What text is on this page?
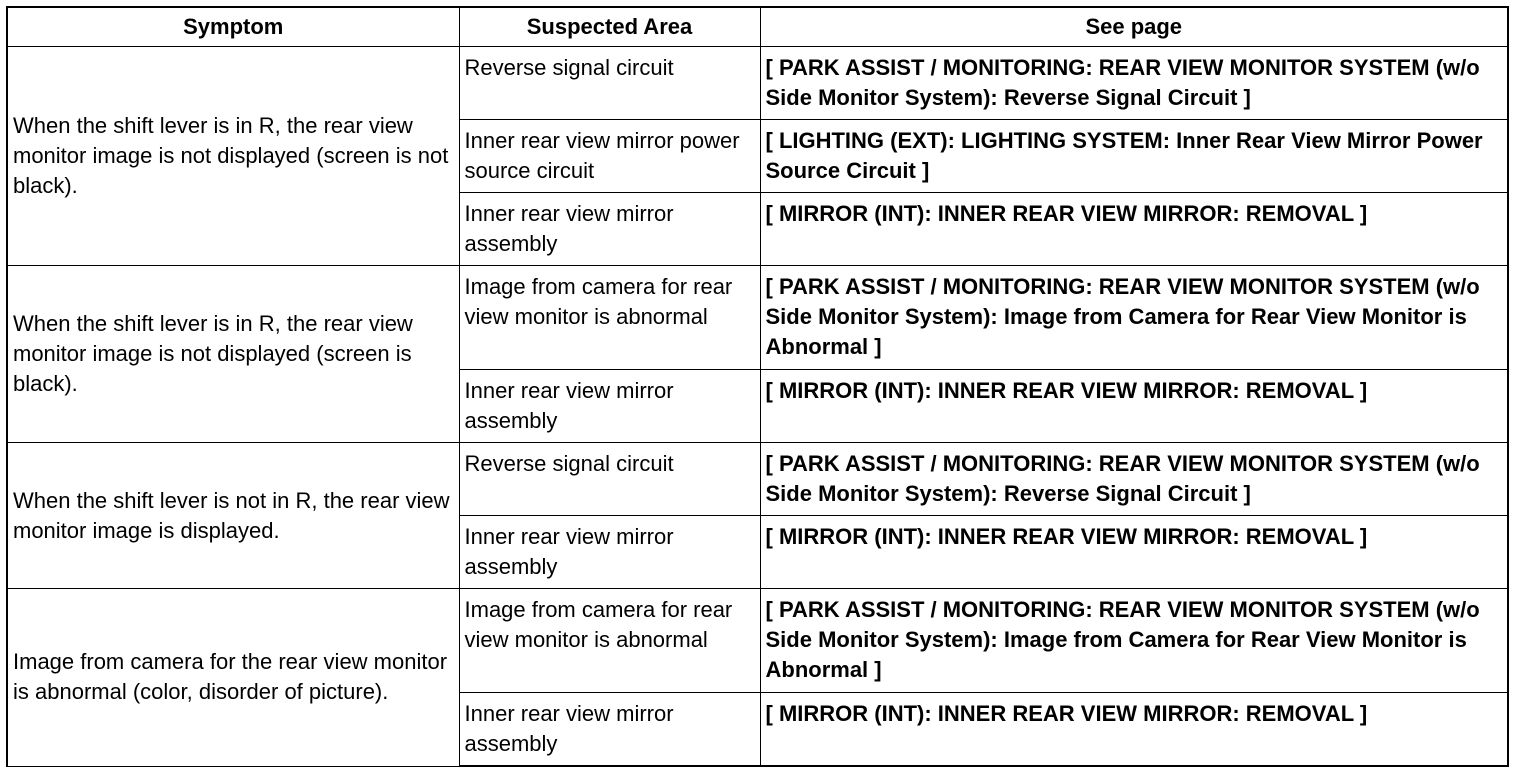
Symptom	Suspected Area	See page
When the shift lever is in R, the rear view monitor image is not displayed (screen is not black).	Reverse signal circuit	[ PARK ASSIST / MONITORING: REAR VIEW MONITOR SYSTEM (w/o Side Monitor System): Reverse Signal Circuit ]
	Inner rear view mirror power source circuit	[ LIGHTING (EXT): LIGHTING SYSTEM: Inner Rear View Mirror Power Source Circuit ]
	Inner rear view mirror assembly	[ MIRROR (INT): INNER REAR VIEW MIRROR: REMOVAL ]
When the shift lever is in R, the rear view monitor image is not displayed (screen is black).	Image from camera for rear view monitor is abnormal	[ PARK ASSIST / MONITORING: REAR VIEW MONITOR SYSTEM (w/o Side Monitor System): Image from Camera for Rear View Monitor is Abnormal ]
	Inner rear view mirror assembly	[ MIRROR (INT): INNER REAR VIEW MIRROR: REMOVAL ]
When the shift lever is not in R, the rear view monitor image is displayed.	Reverse signal circuit	[ PARK ASSIST / MONITORING: REAR VIEW MONITOR SYSTEM (w/o Side Monitor System): Reverse Signal Circuit ]
	Inner rear view mirror assembly	[ MIRROR (INT): INNER REAR VIEW MIRROR: REMOVAL ]
Image from camera for the rear view monitor is abnormal (color, disorder of picture).	Image from camera for rear view monitor is abnormal	[ PARK ASSIST / MONITORING: REAR VIEW MONITOR SYSTEM (w/o Side Monitor System): Image from Camera for Rear View Monitor is Abnormal ]
	Inner rear view mirror assembly	[ MIRROR (INT): INNER REAR VIEW MIRROR: REMOVAL ]
